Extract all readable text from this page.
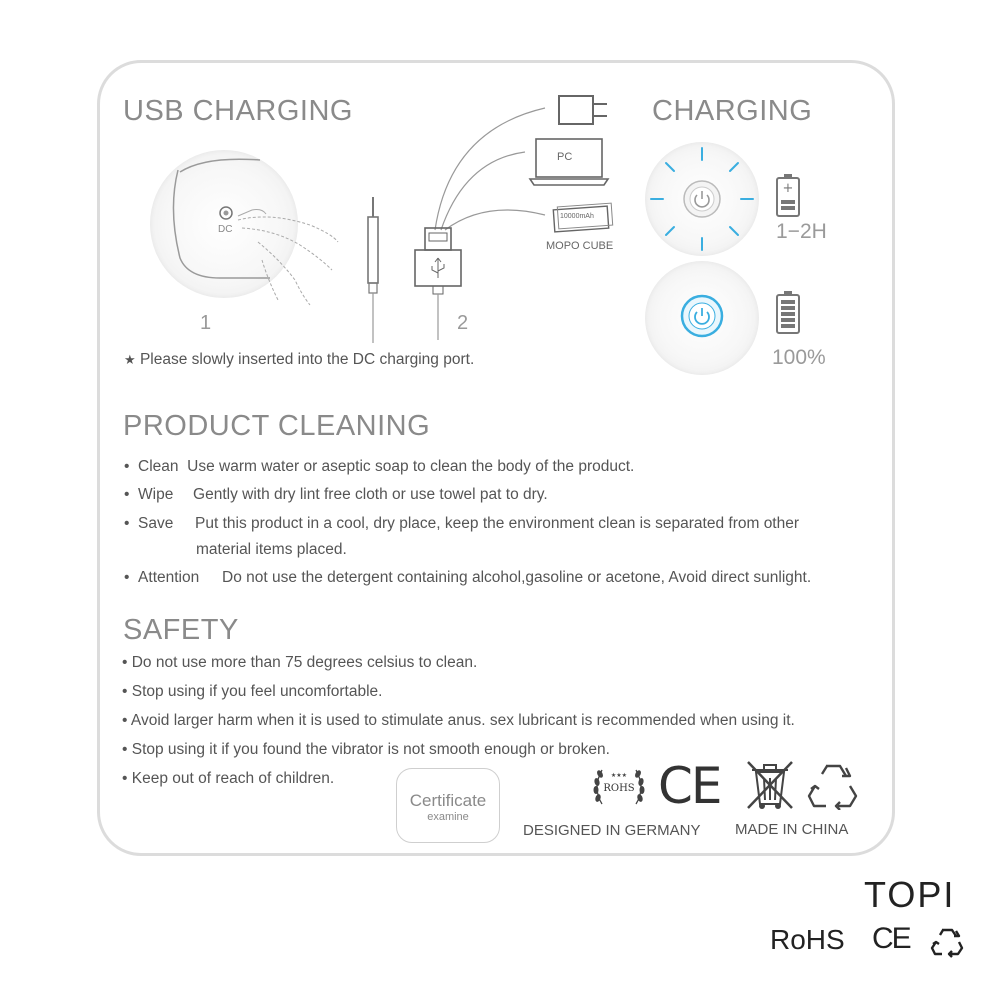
USB CHARGING
DC
1	2
PC
10000mAh
MOPO CUBE
★ Please slowly inserted into the DC charging port.
CHARGING
+
1−2H
100%
PRODUCT CLEANING
•  Clean Use warm water or aseptic soap to clean the body of the product.
•  Wipe Gently with dry lint free cloth or use towel pat to dry.
•  Save Put this product in a cool, dry place, keep the environment clean is separated from other
material items placed.
•  Attention Do not use the detergent containing alcohol,gasoline or acetone, Avoid direct sunlight.
SAFETY
• Do not use more than 75 degrees celsius to clean.
• Stop using if you feel uncomfortable.
• Avoid larger harm when it is used to stimulate anus. sex lubricant is recommended when using it.
• Stop using it if you found the vibrator is not smooth enough or broken.
• Keep out of reach of children.
Certificate
examine
ROHS
★★★ CE
DESIGNED IN GERMANY MADE IN CHINA
TOPI
RoHS CE
